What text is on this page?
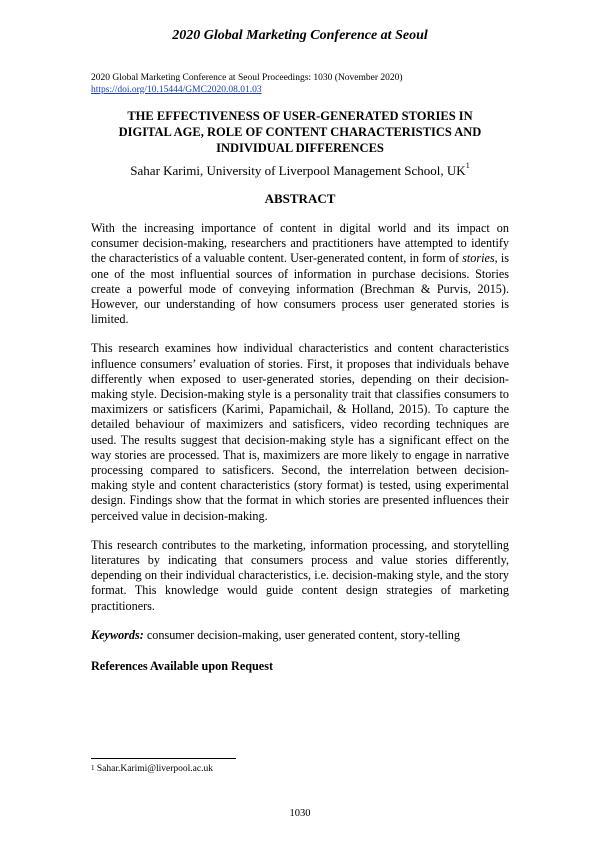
2020 Global Marketing Conference at Seoul
2020 Global Marketing Conference at Seoul Proceedings: 1030 (November 2020)
https://doi.org/10.15444/GMC2020.08.01.03
THE EFFECTIVENESS OF USER-GENERATED STORIES IN DIGITAL AGE, ROLE OF CONTENT CHARACTERISTICS AND INDIVIDUAL DIFFERENCES
Sahar Karimi, University of Liverpool Management School, $UK^1$
ABSTRACT

With the increasing importance of content in digital world and its impact on consumer decision-making, researchers and practitioners have attempted to identify the characteristics of a valuable content. User-generated content, in form of stories, is one of the most influential sources of information in purchase decisions. Stories create a powerful mode of conveying information (Brechman & Purvis, 2015). However, our understanding of how consumers process user generated stories is limited.

This research examines how individual characteristics and content characteristics influence consumers’ evaluation of stories. First, it proposes that individuals behave differently when exposed to user-generated stories, depending on their decision-making style. Decision-making style is a personality trait that classifies consumers to maximizers or satisficers (Karimi, Papamichail, & Holland, 2015). To capture the detailed behaviour of maximizers and satisficers, video recording techniques are used. The results suggest that decision-making style has a significant effect on the way stories are processed. That is, maximizers are more likely to engage in narrative processing compared to satisficers. Second, the interrelation between decision-making style and content characteristics (story format) is tested, using experimental design. Findings show that the format in which stories are presented influences their perceived value in decision-making.

This research contributes to the marketing, information processing, and storytelling literatures by indicating that consumers process and value stories differently, depending on their individual characteristics, i.e. decision-making style, and the story format. This knowledge would guide content design strategies of marketing practitioners.

Keywords: consumer decision-making, user generated content, story-telling

References Available upon Request

$^1$ Sahar.Karimi@liverpool.ac.uk
1030
